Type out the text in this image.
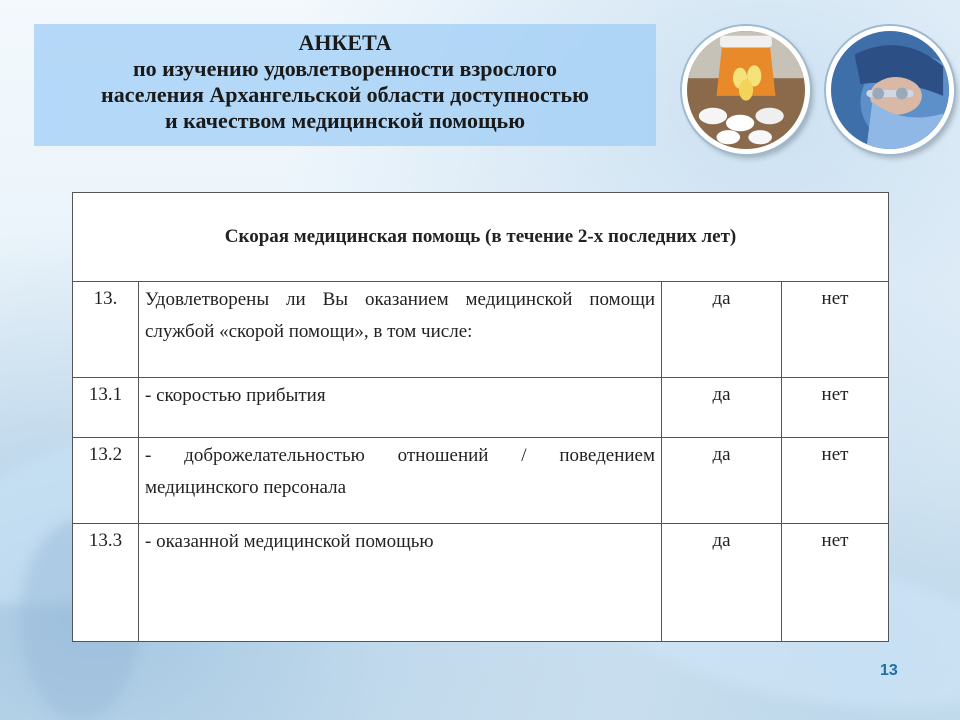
АНКЕТА
по изучению удовлетворенности взрослого
населения Архангельской области доступностью
и качеством медицинской помощью
Скорая медицинская помощь (в течение 2-х последних лет)			
13.	Удовлетворены ли Вы оказанием медицинской помощи службой «скорой помощи», в том числе:	да	нет
13.1	- скоростью прибытия	да	нет
13.2	- доброжелательностью отношений / поведением медицинского персонала	да	нет
13.3	- оказанной медицинской помощью	да	нет
13
